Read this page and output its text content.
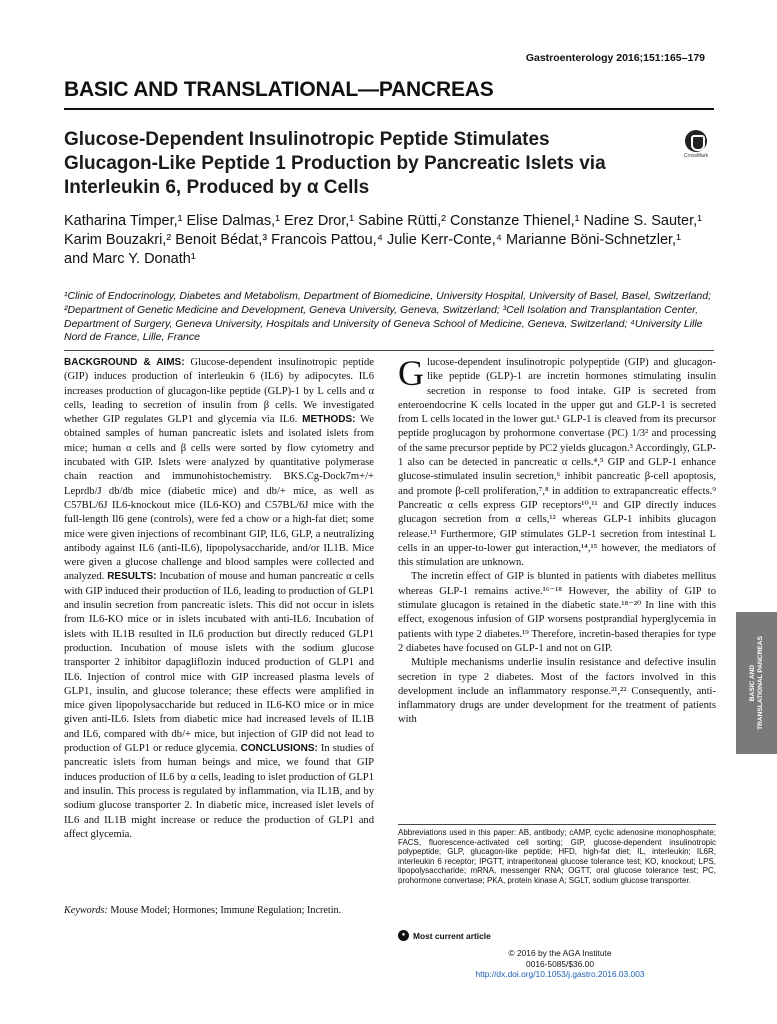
Gastroenterology 2016;151:165–179
BASIC AND TRANSLATIONAL—PANCREAS
Glucose-Dependent Insulinotropic Peptide Stimulates Glucagon-Like Peptide 1 Production by Pancreatic Islets via Interleukin 6, Produced by α Cells
CrossMark
Katharina Timper,¹ Elise Dalmas,¹ Erez Dror,¹ Sabine Rütti,² Constanze Thienel,¹ Nadine S. Sauter,¹ Karim Bouzakri,² Benoit Bédat,³ Francois Pattou,⁴ Julie Kerr-Conte,⁴ Marianne Böni-Schnetzler,¹ and Marc Y. Donath¹
¹Clinic of Endocrinology, Diabetes and Metabolism, Department of Biomedicine, University Hospital, University of Basel, Basel, Switzerland; ²Department of Genetic Medicine and Development, Geneva University, Geneva, Switzerland; ³Cell Isolation and Transplantation Center, Department of Surgery, Geneva University, Hospitals and University of Geneva School of Medicine, Geneva, Switzerland; ⁴University Lille Nord de France, Lille, France

BACKGROUND & AIMS: Glucose-dependent insulinotropic peptide (GIP) induces production of interleukin 6 (IL6) by adipocytes. IL6 increases production of glucagon-like peptide (GLP)-1 by L cells and α cells, leading to secretion of insulin from β cells. We investigated whether GIP regulates GLP1 and glycemia via IL6. METHODS: We obtained samples of human pancreatic islets and isolated islets from mice; human α cells and β cells were sorted by flow cytometry and incubated with GIP. Islets were analyzed by quantitative polymerase chain reaction and immunohistochemistry. BKS.Cg-Dock7m+/+ Leprdb/J db/db mice (diabetic mice) and db/+ mice, as well as C57BL/6J IL6-knockout mice (IL6-KO) and C57BL/6J mice with the full-length Il6 gene (controls), were fed a chow or a high-fat diet; some mice were given injections of recombinant GIP, IL6, GLP, a neutralizing antibody against IL6 (anti-IL6), lipopolysaccharide, and/or IL1B. Mice were given a glucose challenge and blood samples were collected and analyzed. RESULTS: Incubation of mouse and human pancreatic α cells with GIP induced their production of IL6, leading to production of GLP1 and insulin secretion from pancreatic islets. This did not occur in islets from IL6-KO mice or in islets incubated with anti-IL6. Incubation of islets with IL1B resulted in IL6 production but directly reduced GLP1 production. Incubation of mouse islets with the sodium glucose transporter 2 inhibitor dapagliflozin induced production of GLP1 and IL6. Injection of control mice with GIP increased plasma levels of GLP1, insulin, and glucose tolerance; these effects were amplified in mice given lipopolysaccharide but reduced in IL6-KO mice or in mice given anti-IL6. Islets from diabetic mice had increased levels of IL1B and IL6, compared with db/+ mice, but injection of GIP did not lead to production of GLP1 or reduce glycemia. CONCLUSIONS: In studies of pancreatic islets from human beings and mice, we found that GIP induces production of IL6 by α cells, leading to islet production of GLP1 and insulin. This process is regulated by inflammation, via IL1B, and by sodium glucose transporter 2. In diabetic mice, increased islet levels of IL6 and IL1B might increase or reduce the production of GLP1 and affect glycemia.

Keywords: Mouse Model; Hormones; Immune Regulation; Incretin.

Glucose-dependent insulinotropic polypeptide (GIP) and glucagon-like peptide (GLP)-1 are incretin hormones stimulating insulin secretion in response to food intake. GIP is secreted from enteroendocrine K cells located in the upper gut and GLP-1 is secreted from L cells located in the lower gut.¹ GLP-1 is cleaved from its precursor peptide proglucagon by prohormone convertase (PC) 1/3² and processing of the same precursor peptide by PC2 yields glucagon.³ Accordingly, GLP-1 also can be detected in pancreatic α cells.⁴,⁵ GIP and GLP-1 enhance glucose-stimulated insulin secretion,⁶ inhibit pancreatic β-cell apoptosis, and promote β-cell proliferation,⁷,⁸ in addition to extrapancreatic effects.⁹ Pancreatic α cells express GIP receptors¹⁰,¹¹ and GIP directly induces glucagon secretion from α cells,¹² whereas GLP-1 inhibits glucagon release.¹³ Furthermore, GIP stimulates GLP-1 secretion from intestinal L cells in an upper-to-lower gut interaction,¹⁴,¹⁵ however, the mediators of this stimulation are unknown.

The incretin effect of GIP is blunted in patients with diabetes mellitus whereas GLP-1 remains active.¹⁶⁻¹⁸ However, the ability of GIP to stimulate glucagon is retained in the diabetic state.¹⁸⁻²⁰ In line with this effect, exogenous infusion of GIP worsens postprandial hyperglycemia in patients with type 2 diabetes.¹⁹ Therefore, incretin-based therapies for type 2 diabetes have focused on GLP-1 and not on GIP.

Multiple mechanisms underlie insulin resistance and defective insulin secretion in type 2 diabetes. Most of the factors involved in this development include an inflammatory response.²¹,²² Consequently, anti-inflammatory drugs are under development for the treatment of patients with

BASIC AND TRANSLATIONAL PANCREAS
Abbreviations used in this paper: AB, antibody; cAMP, cyclic adenosine monophosphate; FACS, fluorescence-activated cell sorting; GIP, glucose-dependent insulinotropic polypeptide; GLP, glucagon-like peptide; HFD, high-fat diet; IL, interleukin; IL6R, interleukin 6 receptor; IPGTT, intraperitoneal glucose tolerance test; KO, knockout; LPS, lipopolysaccharide; mRNA, messenger RNA; OGTT, oral glucose tolerance test; PC, prohormone convertase; PKA, protein kinase A; SGLT, sodium glucose transporter.
● Most current article
© 2016 by the AGA Institute
0016-5085/$36.00
http://dx.doi.org/10.1053/j.gastro.2016.03.003
